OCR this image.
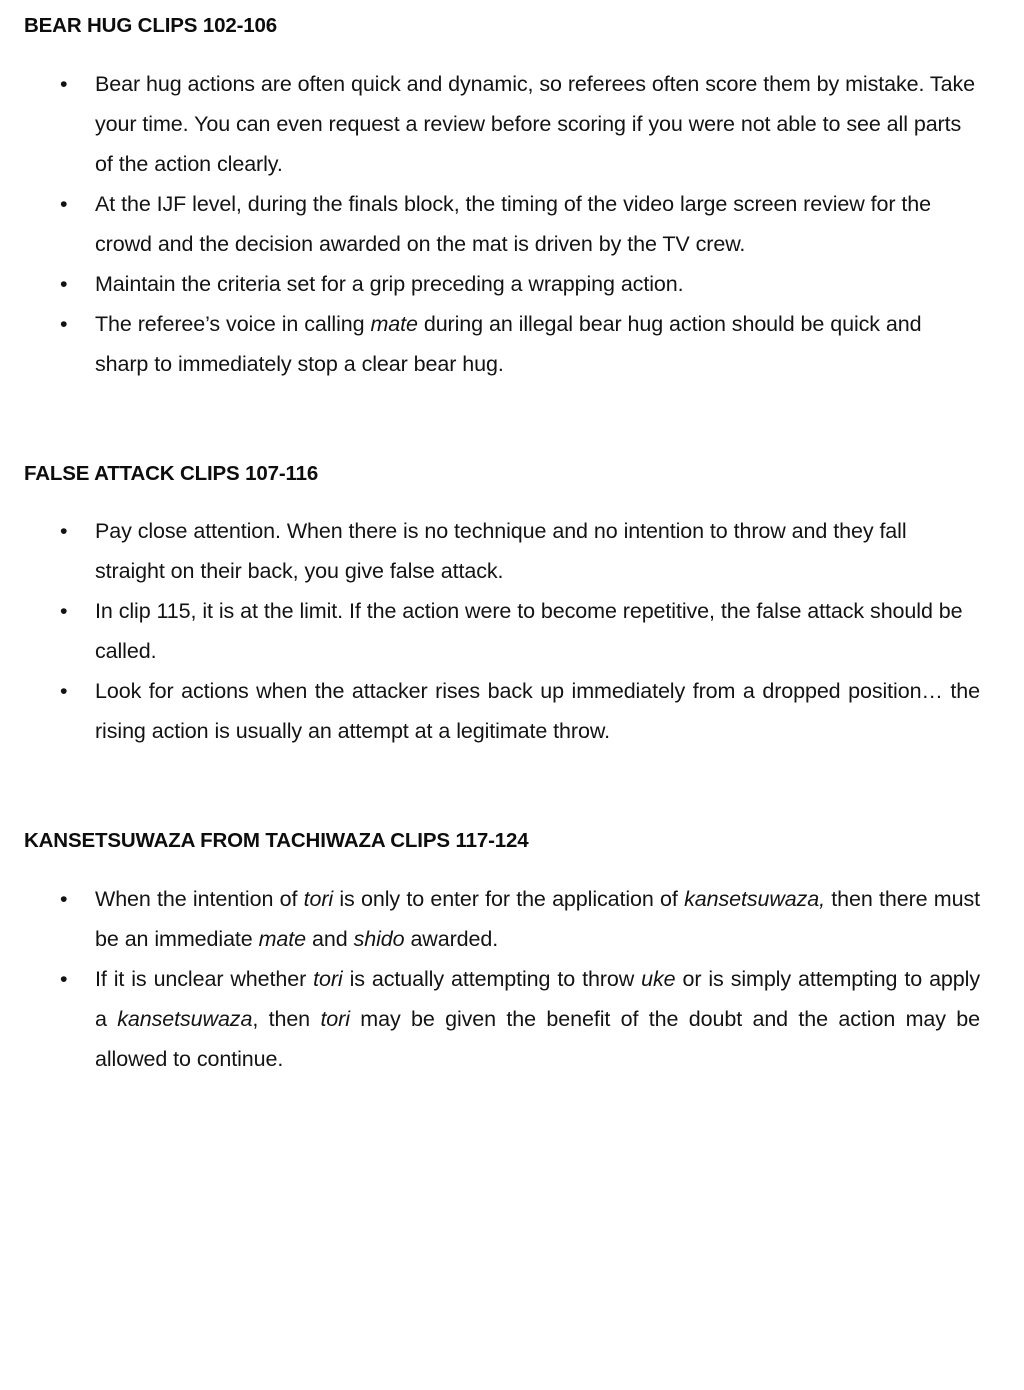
BEAR HUG CLIPS 102-106
• Bear hug actions are often quick and dynamic, so referees often score them by mistake. Take your time. You can even request a review before scoring if you were not able to see all parts of the action clearly.
• At the IJF level, during the finals block, the timing of the video large screen review for the crowd and the decision awarded on the mat is driven by the TV crew.
• Maintain the criteria set for a grip preceding a wrapping action.
• The referee’s voice in calling mate during an illegal bear hug action should be quick and sharp to immediately stop a clear bear hug.
FALSE ATTACK CLIPS 107-116
• Pay close attention. When there is no technique and no intention to throw and they fall straight on their back, you give false attack.
• In clip 115, it is at the limit. If the action were to become repetitive, the false attack should be called.
• Look for actions when the attacker rises back up immediately from a dropped position… the rising action is usually an attempt at a legitimate throw.
KANSETSUWAZA FROM TACHIWAZA CLIPS 117-124
• When the intention of tori is only to enter for the application of kansetsuwaza, then there must be an immediate mate and shido awarded.
• If it is unclear whether tori is actually attempting to throw uke or is simply attempting to apply a kansetsuwaza, then tori may be given the benefit of the doubt and the action may be allowed to continue.
